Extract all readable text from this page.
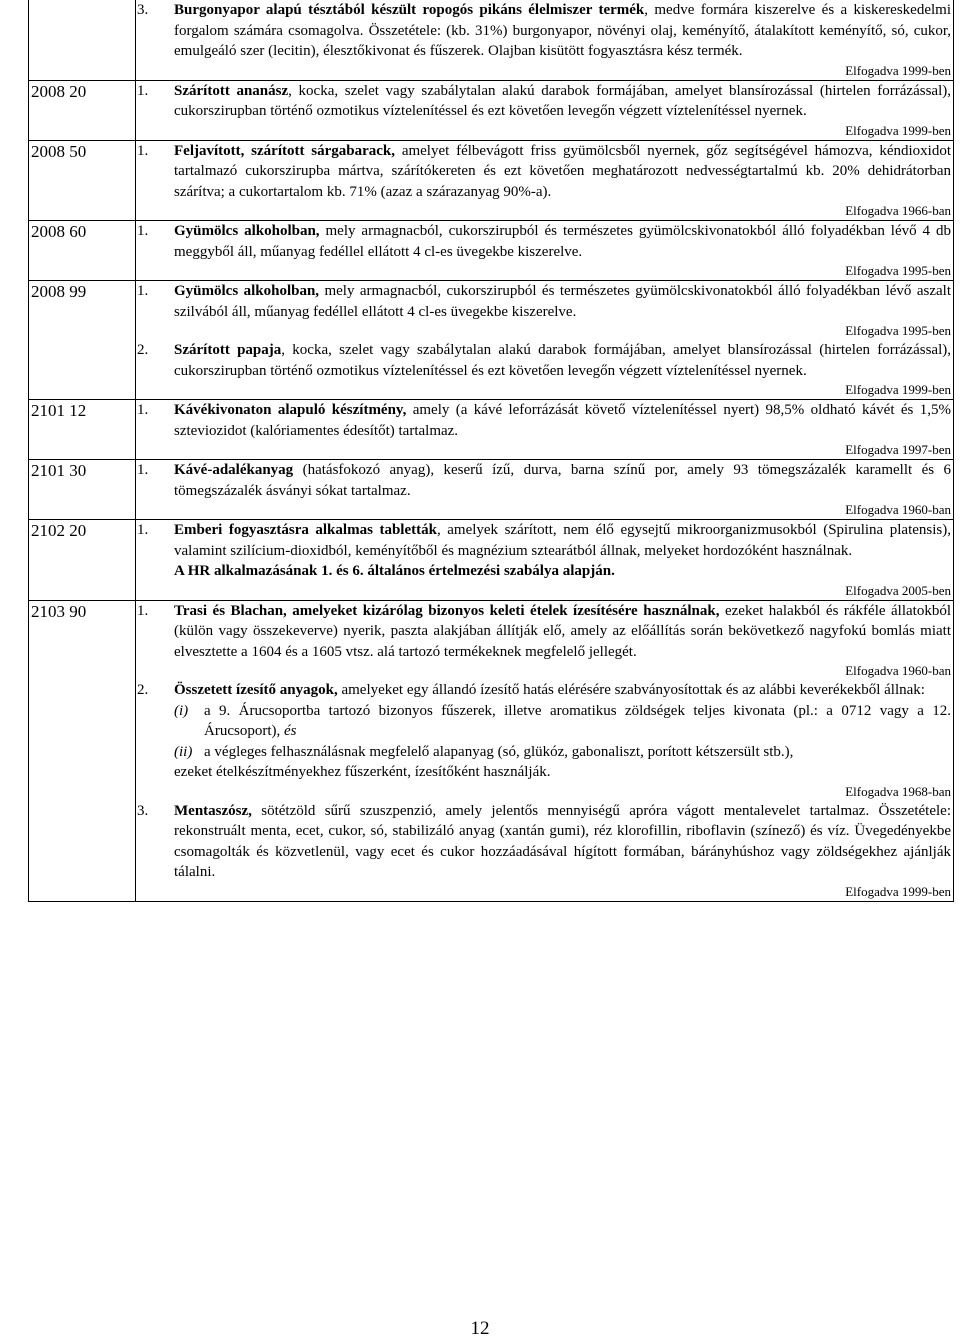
3. Burgonyapor alapú tésztából készült ropogós pikáns élelmiszer termék, medve formára kiszerelve és a kiskereskedelmi forgalom számára csomagolva. Összetétele: (kb. 31%) burgonyapor, növényi olaj, keményítő, átalakított keményítő, só, cukor, emulgeáló szer (lecitin), élesztőkivonat és fűszerek. Olajban kisütött fogyasztásra kész termék.
Elfogadva 1999-ben
2008 20	1. Szárított ananász, kocka, szelet vagy szabálytalan alakú darabok formájában, amelyet blansírozással (hirtelen forrázással), cukorszirupban történő ozmotikus víztelenítéssel és ezt követően levegőn végzett víztelenítéssel nyernek.
Elfogadva 1999-ben
2008 50	1. Feljavított, szárított sárgabarack, amelyet félbevágott friss gyümölcsből nyernek, gőz segítségével hámozva, kéndioxidot tartalmazó cukorszirupba mártva, szárítókereten és ezt követően meghatározott nedvességtartalmú kb. 20% dehidrátorban szárítva; a cukortartalom kb. 71% (azaz a szárazanyag 90%-a).
Elfogadva 1966-ban
2008 60	1. Gyümölcs alkoholban, mely armagnacból, cukorszirupból és természetes gyümölcskivonatokból álló folyadékban lévő 4 db meggyből áll, műanyag fedéllel ellátott 4 cl-es üvegekbe kiszerelve.
Elfogadva 1995-ben
2008 99	1. Gyümölcs alkoholban, mely armagnacból, cukorszirupból és természetes gyümölcskivonatokból álló folyadékban lévő aszalt szilvából áll, műanyag fedéllel ellátott 4 cl-es üvegekbe kiszerelve.
Elfogadva 1995-ben
2. Szárított papaja, kocka, szelet vagy szabálytalan alakú darabok formájában, amelyet blansírozással (hirtelen forrázással), cukorszirupban történő ozmotikus víztelenítéssel és ezt követően levegőn végzett víztelenítéssel nyernek.
Elfogadva 1999-ben
2101 12	1. Kávékivonaton alapuló készítmény, amely (a kávé leforrázását követő víztelenítéssel nyert) 98,5% oldható kávét és 1,5% szteviozidot (kalóriamentes édesítőt) tartalmaz.
Elfogadva 1997-ben
2101 30	1. Kávé-adalékanyag (hatásfokozó anyag), keserű ízű, durva, barna színű por, amely 93 tömegszázalék karamellt és 6 tömegszázalék ásványi sókat tartalmaz.
Elfogadva 1960-ban
2102 20	1. Emberi fogyasztásra alkalmas tabletták, amelyek szárított, nem élő egysejtű mikroorganizmusokból (Spirulina platensis), valamint szilícium-dioxidból, keményítőből és magnézium sztearátból állnak, melyeket hordozóként használnak.
A HR alkalmazásának 1. és 6. általános értelmezési szabálya alapján.
Elfogadva 2005-ben
2103 90	1. Trasi és Blachan, amelyeket kizárólag bizonyos keleti ételek ízesítésére használnak, ezeket halakból és rákféle állatokból (külön vagy összekeverve) nyerik, paszta alakjában állítják elő, amely az előállítás során bekövetkező nagyfokú bomlás miatt elvesztette a 1604 és a 1605 vtsz. alá tartozó termékeknek megfelelő jellegét.
Elfogadva 1960-ban
2. Összetett ízesítő anyagok, amelyeket egy állandó ízesítő hatás elérésére szabványosítottak és az alábbi keverékekből állnak:
(i)	a 9. Árucsoportba tartozó bizonyos fűszerek, illetve aromatikus zöldségek teljes kivonata (pl.: a 0712 vagy a 12. Árucsoport), és
(ii) a végleges felhasználásnak megfelelő alapanyag (só, glükóz, gabonaliszt, porított kétszersült stb.),
ezeket ételkészítményekhez fűszerként, ízesítőként használják.
Elfogadva 1968-ban
3. Mentaszósz, sötétzöld sűrű szuszpenzió, amely jelentős mennyiségű apróra vágott mentalevelet tartalmaz. Összetétele: rekonstruált menta, ecet, cukor, só, stabilizáló anyag (xantán gumi), réz klorofillin, riboflavin (színező) és víz. Üvegedényekbe csomagolták és közvetlenül, vagy ecet és cukor hozzáadásával hígított formában, bárányhúshoz vagy zöldségekhez ajánlják tálalni.
Elfogadva 1999-ben
12
